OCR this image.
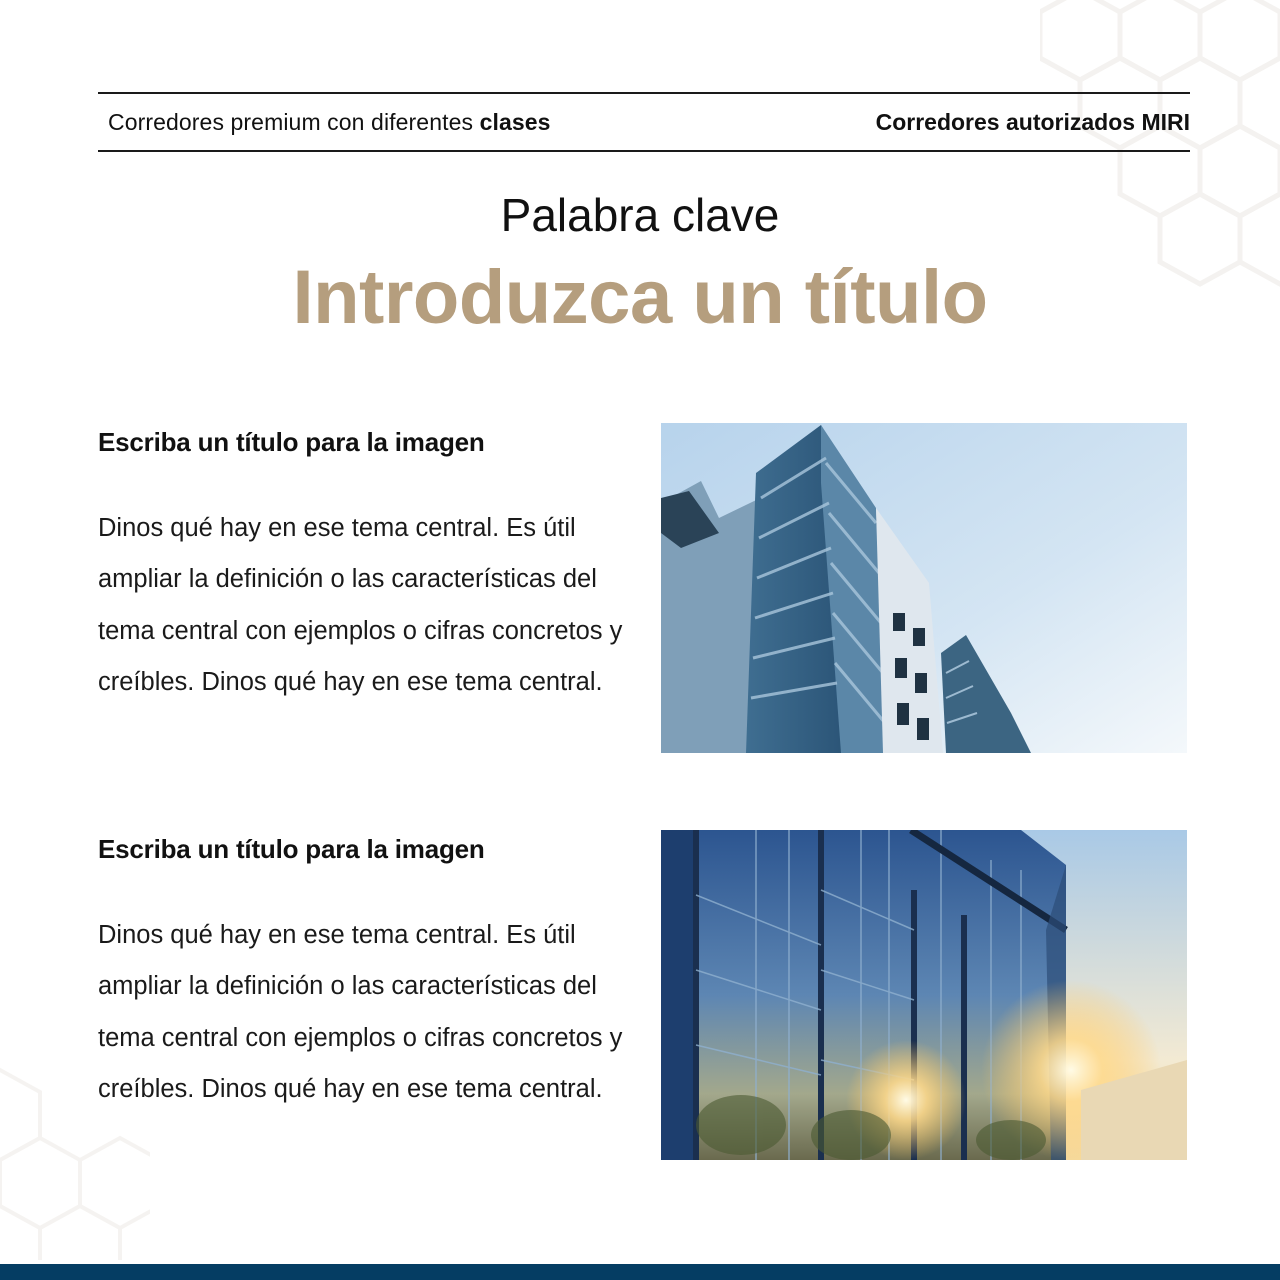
Corredores premium con diferentes clases	Corredores autorizados MIRI
Palabra clave
Introduzca un título
Escriba un título para la imagen
Dinos qué hay en ese tema central. Es útil ampliar la definición o las características del tema central con ejemplos o cifras concretos y creíbles. Dinos qué hay en ese tema central.
Escriba un título para la imagen
Dinos qué hay en ese tema central. Es útil ampliar la definición o las características del tema central con ejemplos o cifras concretos y creíbles. Dinos qué hay en ese tema central.
